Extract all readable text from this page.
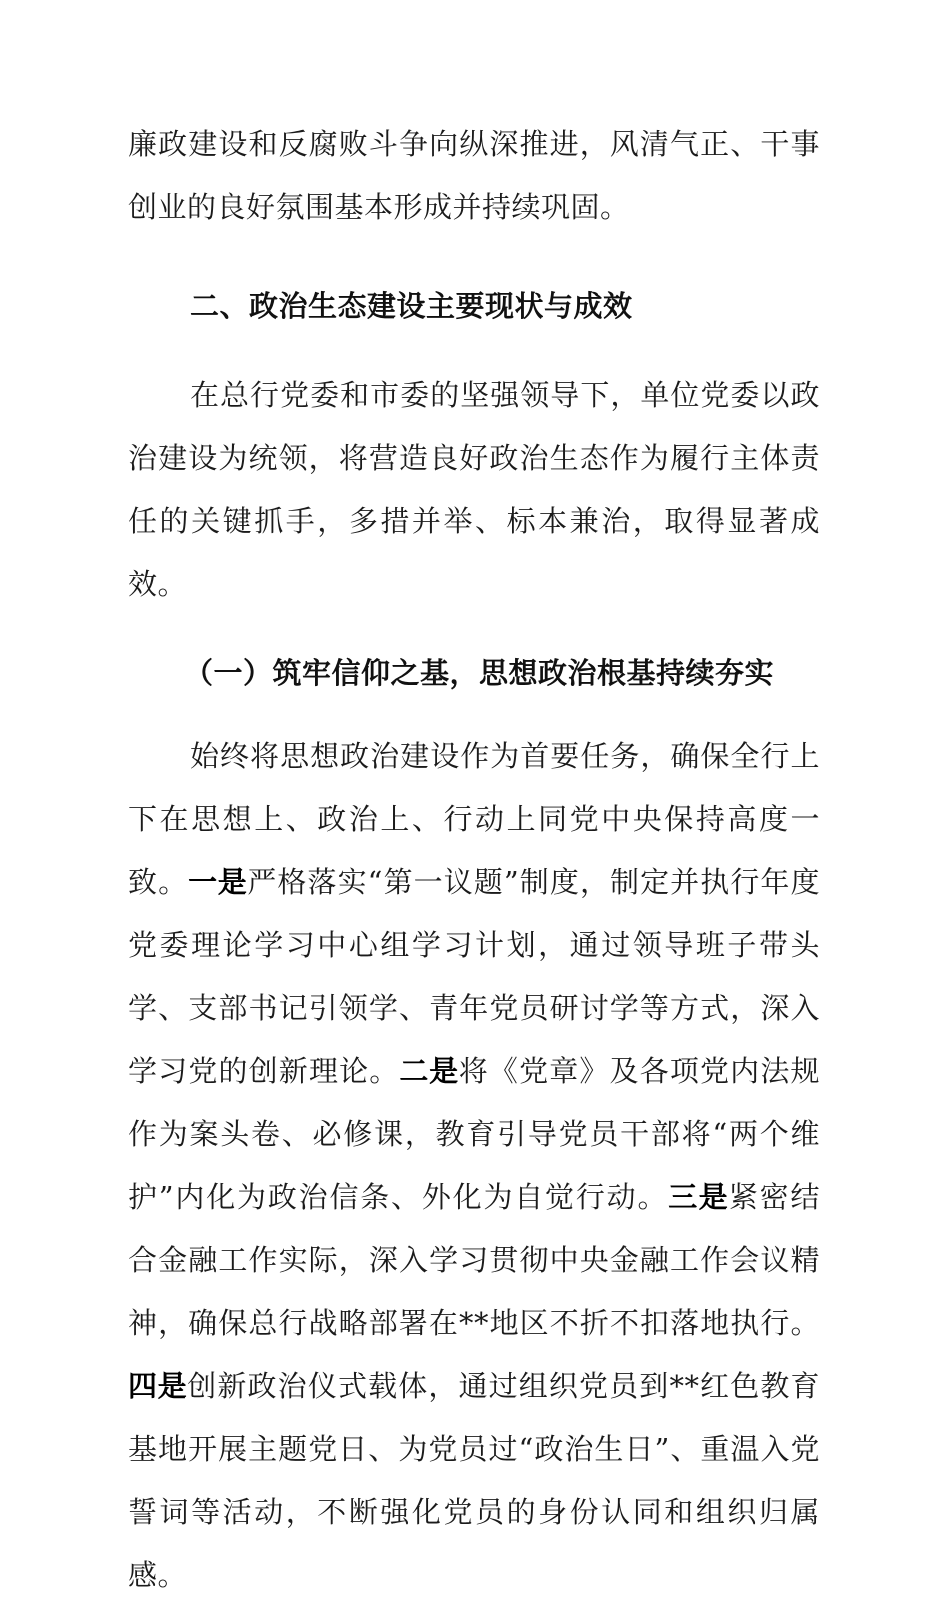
廉政建设和反腐败斗争向纵深推进，风清气正、干事创业的良好氛围基本形成并持续巩固。

二、政治生态建设主要现状与成效

在总行党委和市委的坚强领导下，单位党委以政治建设为统领，将营造良好政治生态作为履行主体责任的关键抓手，多措并举、标本兼治，取得显著成效。

（一）筑牢信仰之基，思想政治根基持续夯实

始终将思想政治建设作为首要任务，确保全行上下在思想上、政治上、行动上同党中央保持高度一致。一是严格落实“第一议题”制度，制定并执行年度党委理论学习中心组学习计划，通过领导班子带头学、支部书记引领学、青年党员研讨学等方式，深入学习党的创新理论。二是将《党章》及各项党内法规作为案头卷、必修课，教育引导党员干部将“两个维护”内化为政治信条、外化为自觉行动。三是紧密结合金融工作实际，深入学习贯彻中央金融工作会议精神，确保总行战略部署在**地区不折不扣落地执行。四是创新政治仪式载体，通过组织党员到**红色教育基地开展主题党日、为党员过“政治生日”、重温入党誓词等活动，不断强化党员的身份认同和组织归属感。
